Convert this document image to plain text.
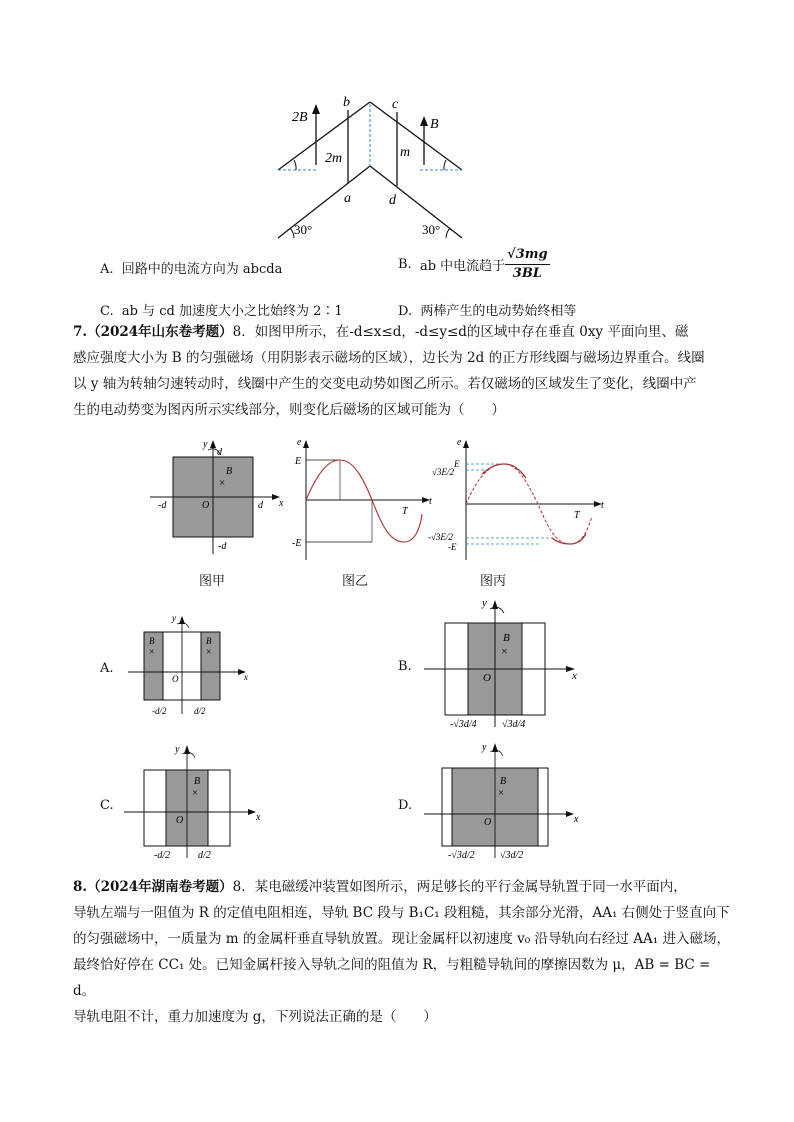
2B	B
b	c
2m	m
a	d
30°	30°
A. 回路中的电流方向为 abcda	B. ab 中电流趋于 $\frac{√3mg}{3BL}$
C. ab 与 cd 加速度大小之比始终为 2∶1	D. 两棒产生的电动势始终相等
7.（2024年山东卷考题）8．如图甲所示，在-d≤x≤d，-d≤y≤d的区域中存在垂直 0xy 平面向里、磁
感应强度大小为 B 的匀强磁场（用阴影表示磁场的区域），边长为 2d 的正方形线圈与磁场边界重合。线圈
以 y 轴为转轴匀速转动时，线圈中产生的交变电动势如图乙所示。若仅磁场的区域发生了变化，线圈中产
生的电动势变为图丙所示实线部分，则变化后磁场的区域可能为（　　）
y
d
B
×
x
-d	O	d
-d
图甲
e
E
-E
T
t
图乙
e
E
√3E/2
-√3E/2
-E
T
t
图丙
A.
y
B
×
B
×
O	x
-d/2	d/2
B.
y
B
×
O	x
-√3d/4	√3d/4
C.
y
B
×
O	x
-d/2	d/2
D.
y
B
×
O	x
-√3d/2	√3d/2
8.（2024年湖南卷考题）8．某电磁缓冲装置如图所示，两足够长的平行金属导轨置于同一水平面内，
导轨左端与一阻值为 R 的定值电阻相连，导轨 BC 段与 B₁C₁ 段粗糙，其余部分光滑，AA₁ 右侧处于竖直向下
的匀强磁场中，一质量为 m 的金属杆垂直导轨放置。现让金属杆以初速度 v₀ 沿导轨向右经过 AA₁ 进入磁场，
最终恰好停在 CC₁ 处。已知金属杆接入导轨之间的阻值为 R，与粗糙导轨间的摩擦因数为 μ，AB = BC = d。
导轨电阻不计，重力加速度为 g，下列说法正确的是（　　）
